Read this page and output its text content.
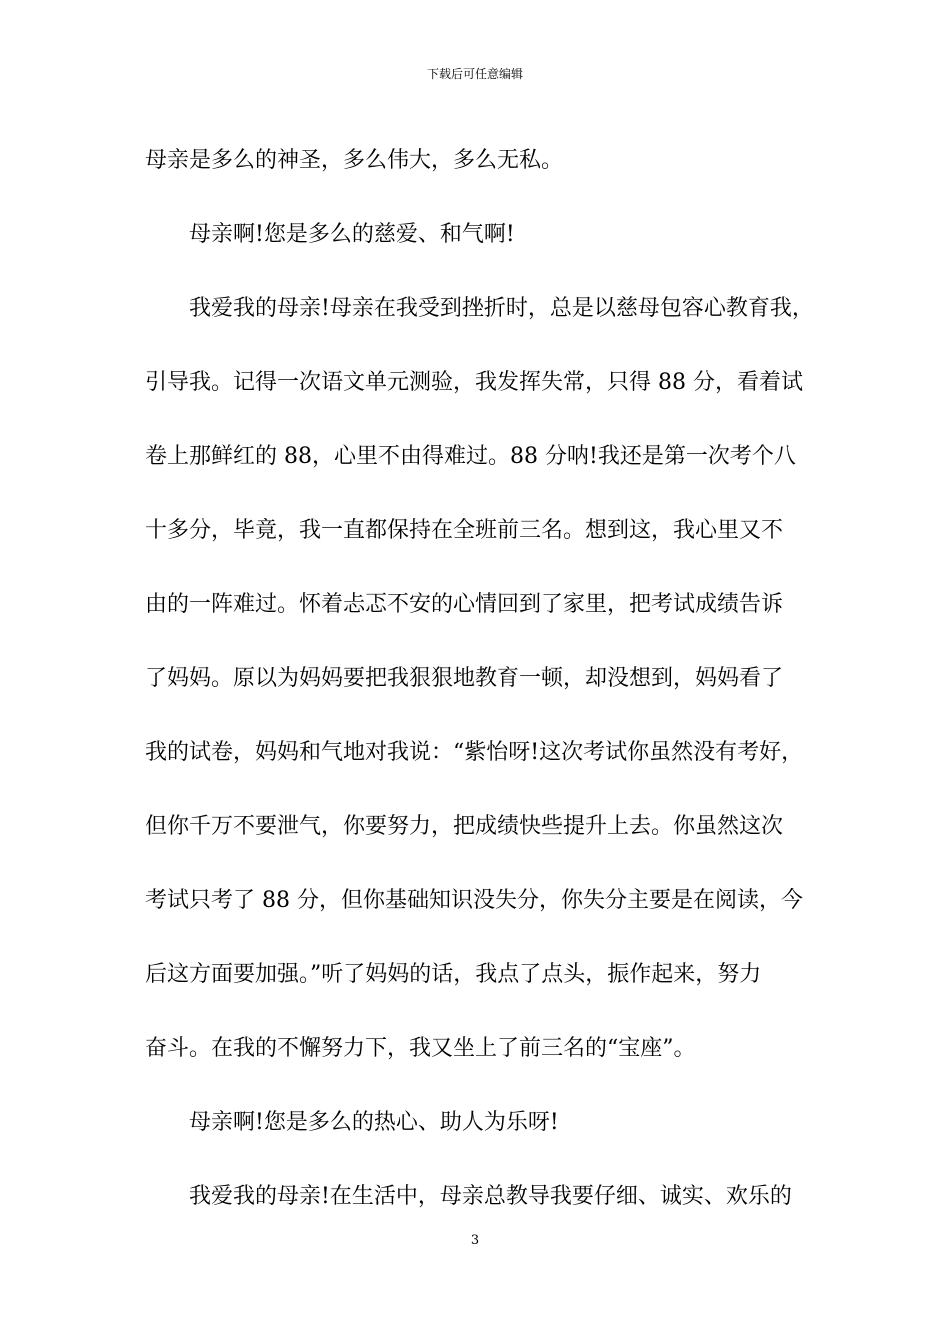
下载后可任意编辑
母亲是多么的神圣，多么伟大，多么无私。
母亲啊!您是多么的慈爱、和气啊!
我爱我的母亲!母亲在我受到挫折时，总是以慈母包容心教育我，
引导我。记得一次语文单元测验，我发挥失常，只得 88 分，看着试
卷上那鲜红的 88，心里不由得难过。88 分呐!我还是第一次考个八
十多分，毕竟，我一直都保持在全班前三名。想到这，我心里又不
由的一阵难过。怀着忐忑不安的心情回到了家里，把考试成绩告诉
了妈妈。原以为妈妈要把我狠狠地教育一顿，却没想到，妈妈看了
我的试卷，妈妈和气地对我说：“紫怡呀!这次考试你虽然没有考好，
但你千万不要泄气，你要努力，把成绩快些提升上去。你虽然这次
考试只考了 88 分，但你基础知识没失分，你失分主要是在阅读，今
后这方面要加强。”听了妈妈的话，我点了点头，振作起来，努力
奋斗。在我的不懈努力下，我又坐上了前三名的“宝座”。
母亲啊!您是多么的热心、助人为乐呀!
我爱我的母亲!在生活中，母亲总教导我要仔细、诚实、欢乐的
3
